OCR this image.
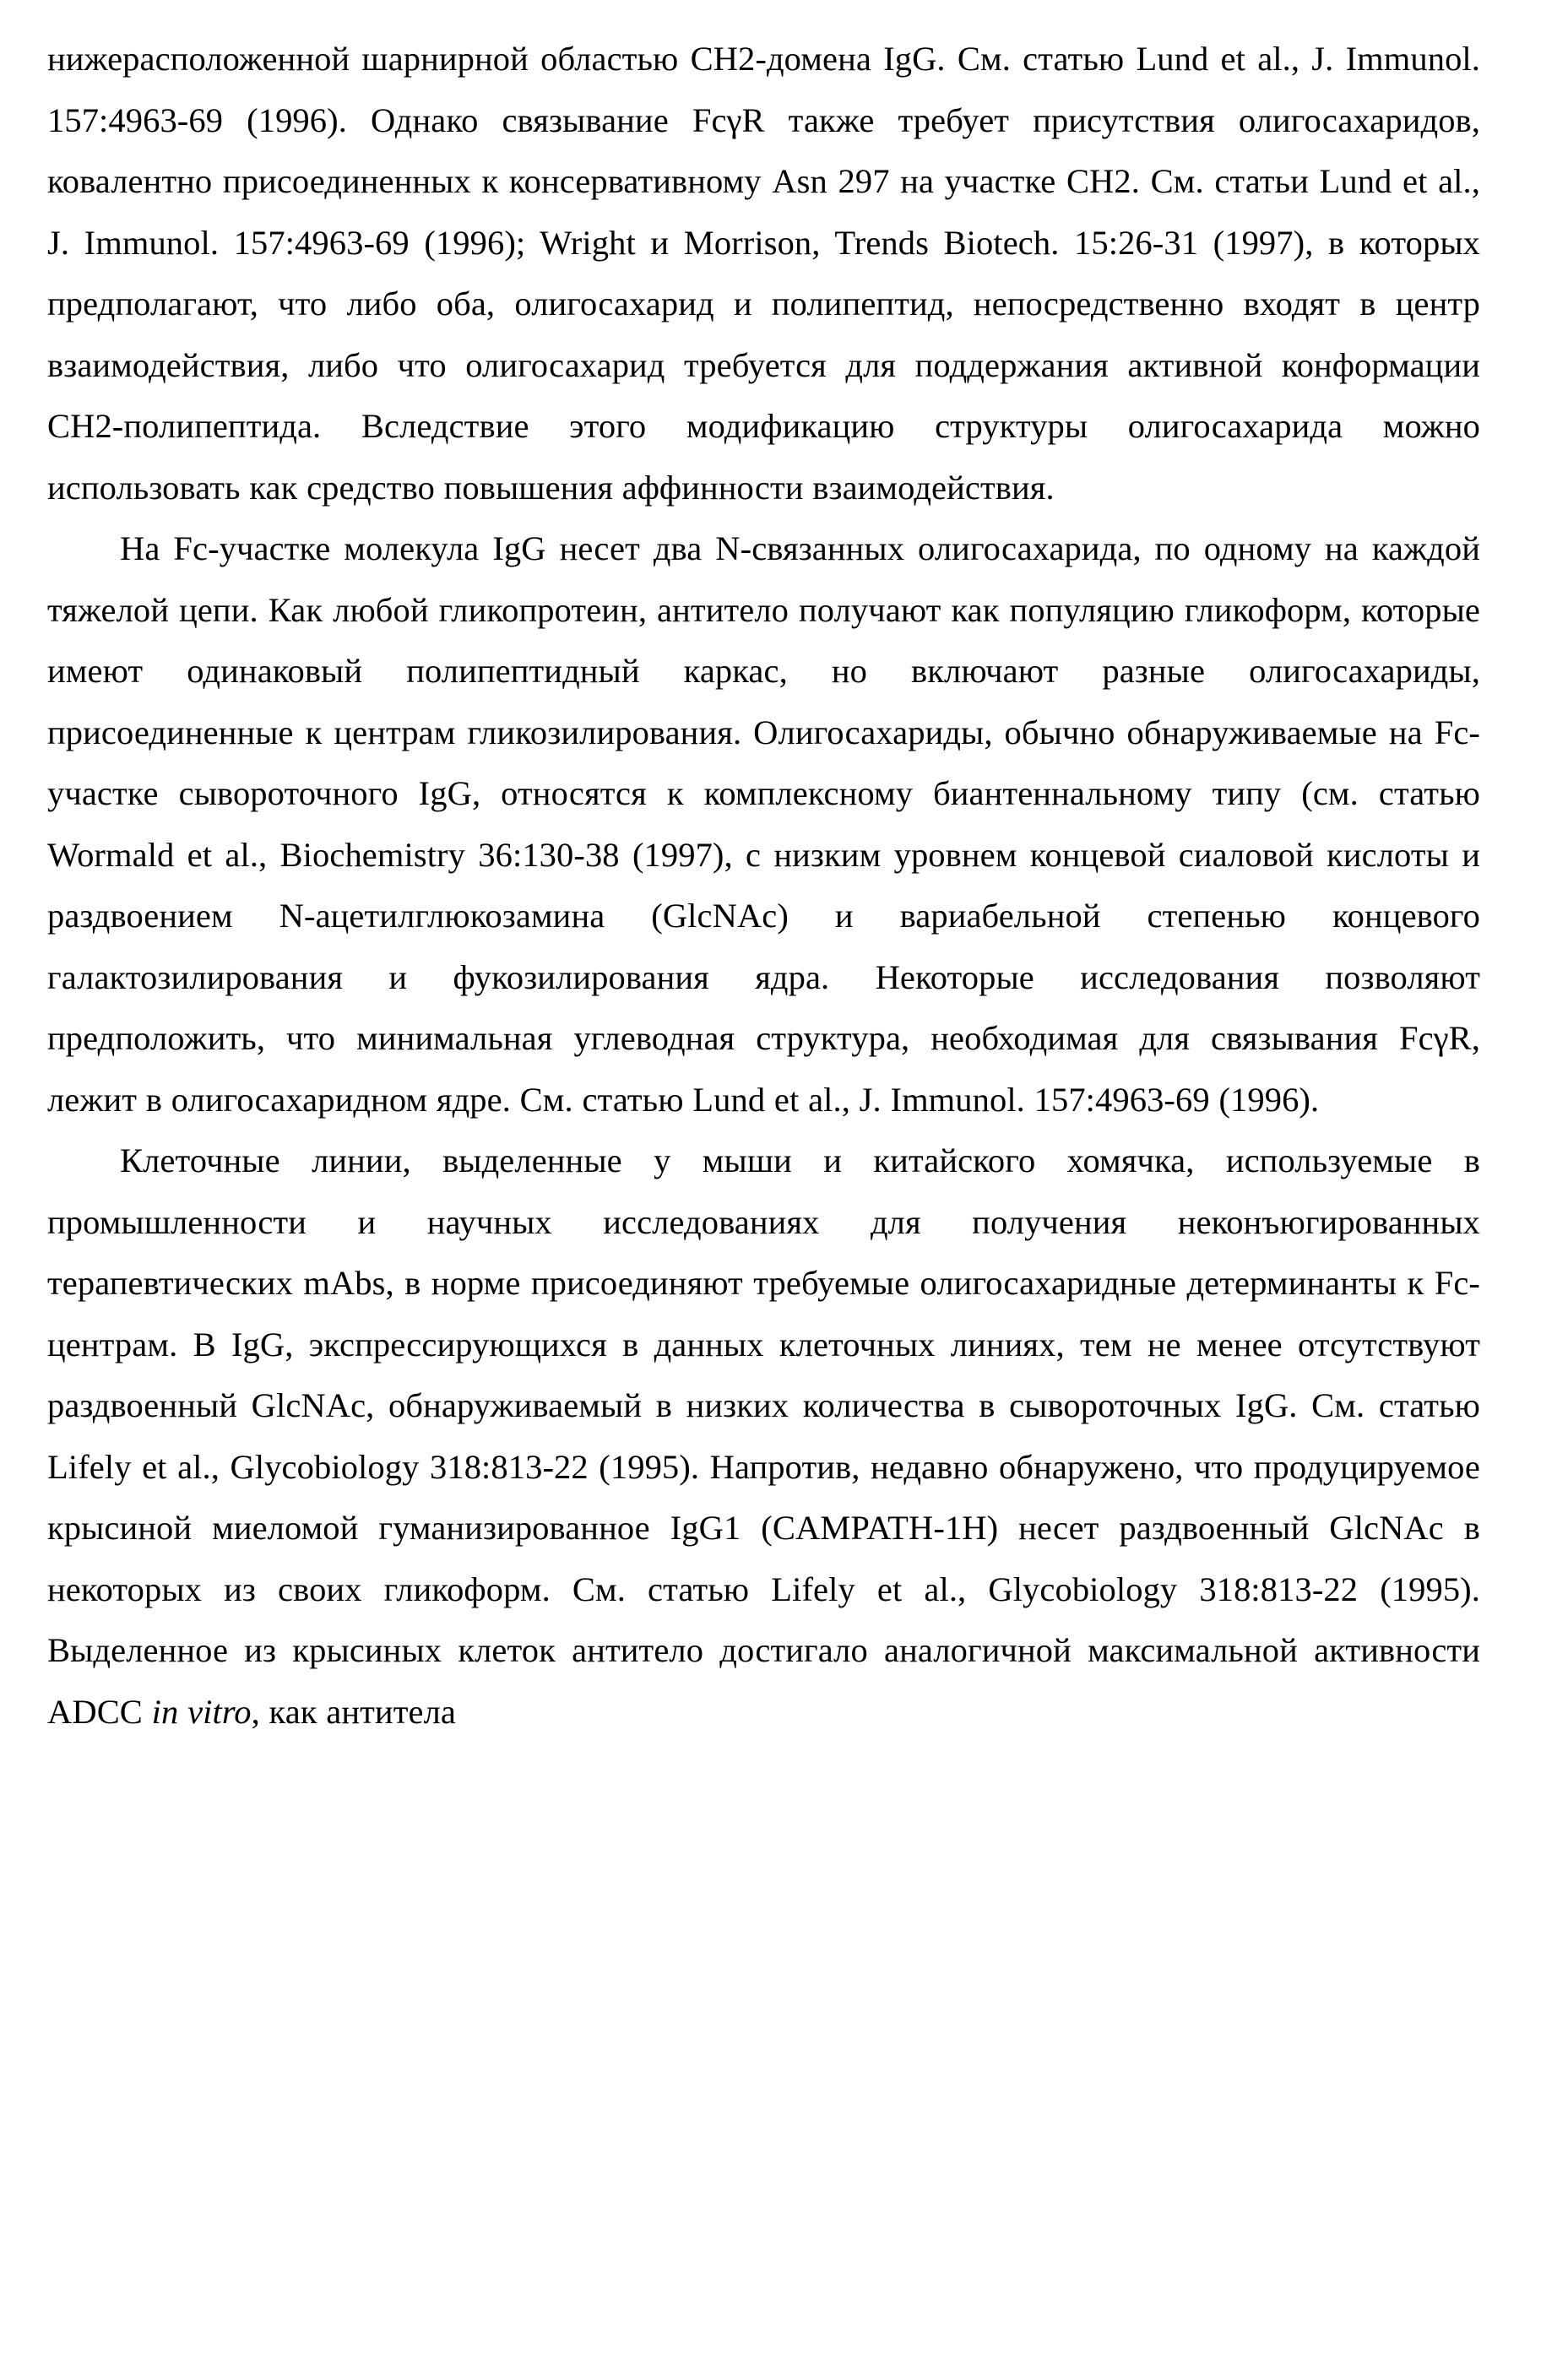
нижерасположенной шарнирной областью CH2-домена IgG. См. статью Lund et al., J. Immunol. 157:4963-69 (1996). Однако связывание FcγR также требует присутствия олигосахаридов, ковалентно присоединенных к консервативному Asn 297 на участке CH2. См. статьи Lund et al., J. Immunol. 157:4963-69 (1996); Wright и Morrison, Trends Biotech. 15:26-31 (1997), в которых предполагают, что либо оба, олигосахарид и полипептид, непосредственно входят в центр взаимодействия, либо что олигосахарид требуется для поддержания активной конформации CH2-полипептида. Вследствие этого модификацию структуры олигосахарида можно использовать как средство повышения аффинности взаимодействия.

На Fc-участке молекула IgG несет два N-связанных олигосахарида, по одному на каждой тяжелой цепи. Как любой гликопротеин, антитело получают как популяцию гликоформ, которые имеют одинаковый полипептидный каркас, но включают разные олигосахариды, присоединенные к центрам гликозилирования. Олигосахариды, обычно обнаруживаемые на Fc-участке сывороточного IgG, относятся к комплексному биантеннальному типу (см. статью Wormald et al., Biochemistry 36:130-38 (1997), с низким уровнем концевой сиаловой кислоты и раздвоением N-ацетилглюкозамина (GlcNAc) и вариабельной степенью концевого галактозилирования и фукозилирования ядра. Некоторые исследования позволяют предположить, что минимальная углеводная структура, необходимая для связывания FcγR, лежит в олигосахаридном ядре. См. статью Lund et al., J. Immunol. 157:4963-69 (1996).

Клеточные линии, выделенные у мыши и китайского хомячка, используемые в промышленности и научных исследованиях для получения неконъюгированных терапевтических mAbs, в норме присоединяют требуемые олигосахаридные детерминанты к Fc-центрам. В IgG, экспрессирующихся в данных клеточных линиях, тем не менее отсутствуют раздвоенный GlcNAc, обнаруживаемый в низких количества в сывороточных IgG. См. статью Lifely et al., Glycobiology 318:813-22 (1995). Напротив, недавно обнаружено, что продуцируемое крысиной миеломой гуманизированное IgG1 (CAMPATH-1H) несет раздвоенный GlcNAc в некоторых из своих гликоформ. См. статью Lifely et al., Glycobiology 318:813-22 (1995). Выделенное из крысиных клеток антитело достигало аналогичной максимальной активности ADCC in vitro, как антитела
